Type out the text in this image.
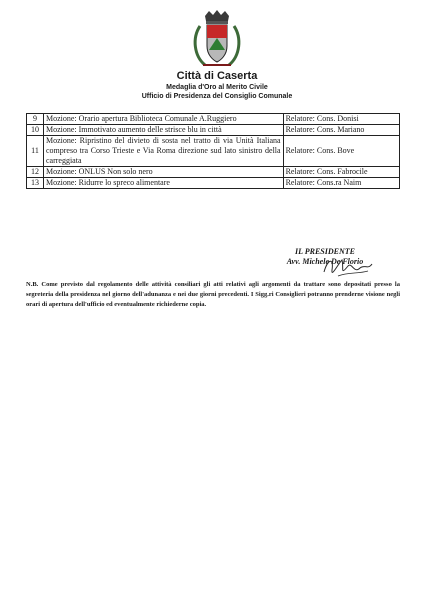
Città di Caserta
Medaglia d'Oro al Merito Civile
Ufficio di Presidenza del Consiglio Comunale
9	Mozione: Orario apertura Biblioteca Comunale A.Ruggiero	Relatore: Cons. Donisi
10	Mozione: Immotivato aumento delle strisce blu in città	Relatore: Cons. Mariano
11	Mozione: Ripristino del divieto di sosta nel tratto di via Unità Italiana compreso tra Corso Trieste e Via Roma direzione sud lato sinistro della carreggiata	Relatore: Cons. Bove
12	Mozione: ONLUS Non solo nero	Relatore: Cons. Fabrocile
13	Mozione: Ridurre lo spreco alimentare	Relatore: Cons.ra Naim
IL PRESIDENTE
Avv. Michele De Florio
N.B. Come previsto dal regolamento delle attività consiliari gli atti relativi agli argomenti da trattare sono depositati presso la segreteria della presidenza nel giorno dell'adunanza e nei due giorni precedenti. I Sigg.ri Consiglieri potranno prenderne visione negli orari di apertura dell'ufficio ed eventualmente richiederne copia.
